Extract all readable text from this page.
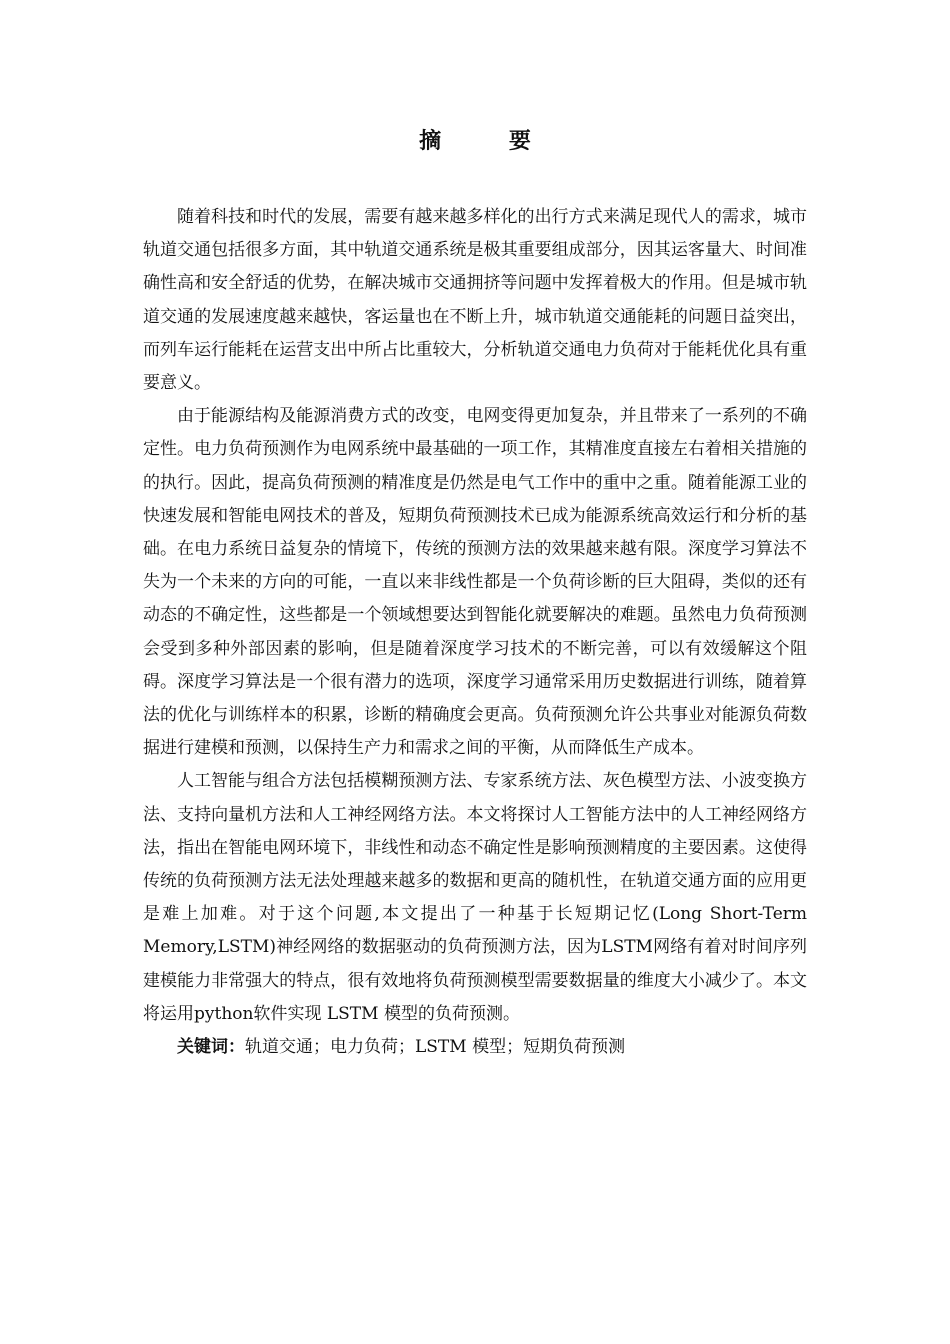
摘 要

随着科技和时代的发展，需要有越来越多样化的出行方式来满足现代人的需求，城市轨道交通包括很多方面，其中轨道交通系统是极其重要组成部分，因其运客量大、时间准确性高和安全舒适的优势，在解决城市交通拥挤等问题中发挥着极大的作用。但是城市轨道交通的发展速度越来越快，客运量也在不断上升，城市轨道交通能耗的问题日益突出，而列车运行能耗在运营支出中所占比重较大，分析轨道交通电力负荷对于能耗优化具有重要意义。

由于能源结构及能源消费方式的改变，电网变得更加复杂，并且带来了一系列的不确定性。电力负荷预测作为电网系统中最基础的一项工作，其精准度直接左右着相关措施的的执行。因此，提高负荷预测的精准度是仍然是电气工作中的重中之重。随着能源工业的快速发展和智能电网技术的普及，短期负荷预测技术已成为能源系统高效运行和分析的基础。在电力系统日益复杂的情境下，传统的预测方法的效果越来越有限。深度学习算法不失为一个未来的方向的可能，一直以来非线性都是一个负荷诊断的巨大阻碍，类似的还有动态的不确定性，这些都是一个领域想要达到智能化就要解决的难题。虽然电力负荷预测会受到多种外部因素的影响，但是随着深度学习技术的不断完善，可以有效缓解这个阻碍。深度学习算法是一个很有潜力的选项，深度学习通常采用历史数据进行训练，随着算法的优化与训练样本的积累，诊断的精确度会更高。负荷预测允许公共事业对能源负荷数据进行建模和预测，以保持生产力和需求之间的平衡，从而降低生产成本。

人工智能与组合方法包括模糊预测方法、专家系统方法、灰色模型方法、小波变换方法、支持向量机方法和人工神经网络方法。本文将探讨人工智能方法中的人工神经网络方法，指出在智能电网环境下，非线性和动态不确定性是影响预测精度的主要因素。这使得传统的负荷预测方法无法处理越来越多的数据和更高的随机性，在轨道交通方面的应用更是难上加难。对于这个问题,本文提出了一种基于长短期记忆(Long Short-Term Memory,LSTM)神经网络的数据驱动的负荷预测方法，因为LSTM网络有着对时间序列建模能力非常强大的特点，很有效地将负荷预测模型需要数据量的维度大小减少了。本文将运用python软件实现 LSTM 模型的负荷预测。

关键词：轨道交通；电力负荷；LSTM 模型；短期负荷预测
